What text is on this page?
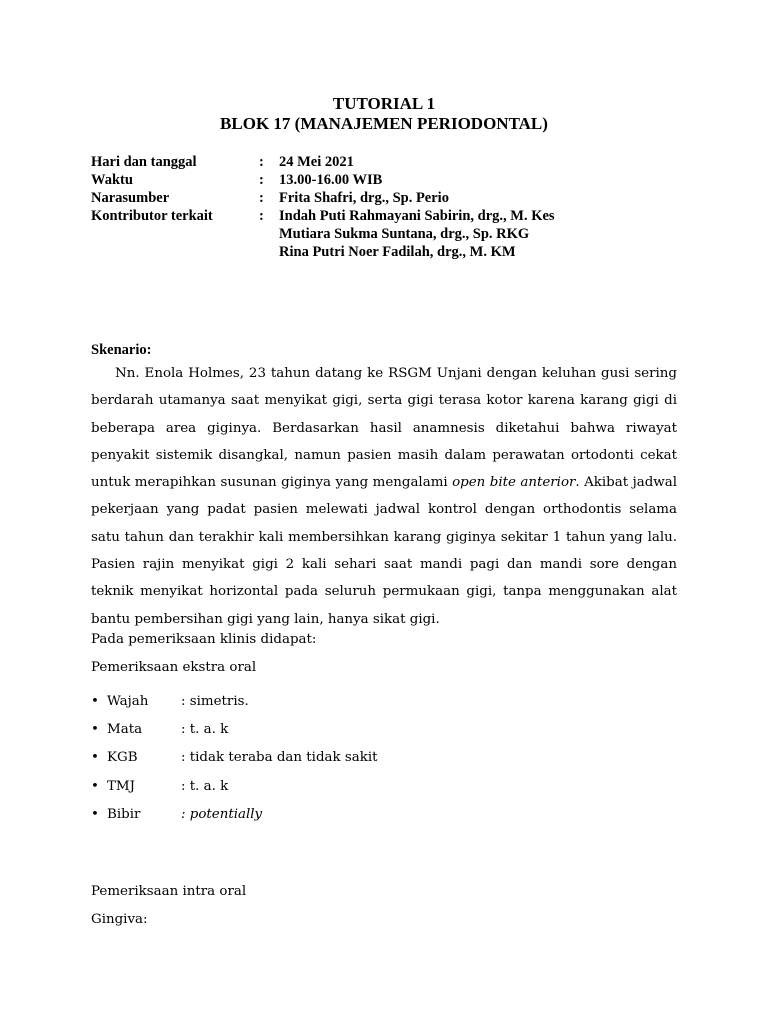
TUTORIAL 1
BLOK 17 (MANAJEMEN PERIODONTAL)
Hari dan tanggal	:	24 Mei 2021
Waktu	:	13.00-16.00 WIB
Narasumber	:	Frita Shafri, drg., Sp. Perio
Kontributor terkait	:	Indah Puti Rahmayani Sabirin, drg., M. Kes
Mutiara Sukma Suntana, drg., Sp. RKG
Rina Putri Noer Fadilah, drg., M. KM
Skenario:

Nn. Enola Holmes, 23 tahun datang ke RSGM Unjani dengan keluhan gusi sering berdarah utamanya saat menyikat gigi, serta gigi terasa kotor karena karang gigi di beberapa area giginya. Berdasarkan hasil anamnesis diketahui bahwa riwayat penyakit sistemik disangkal, namun pasien masih dalam perawatan ortodonti cekat untuk merapihkan susunan giginya yang mengalami open bite anterior. Akibat jadwal pekerjaan yang padat pasien melewati jadwal kontrol dengan orthodontis selama satu tahun dan terakhir kali membersihkan karang giginya sekitar 1 tahun yang lalu. Pasien rajin menyikat gigi 2 kali sehari saat mandi pagi dan mandi sore dengan teknik menyikat horizontal pada seluruh permukaan gigi, tanpa menggunakan alat bantu pembersihan gigi yang lain, hanya sikat gigi.

Pada pemeriksaan klinis didapat:
Pemeriksaan ekstra oral
• Wajah	: simetris.
• Mata	: t. a. k
• KGB	: tidak teraba dan tidak sakit
• TMJ	: t. a. k
• Bibir	: potentially
Pemeriksaan intra oral
Gingiva:
